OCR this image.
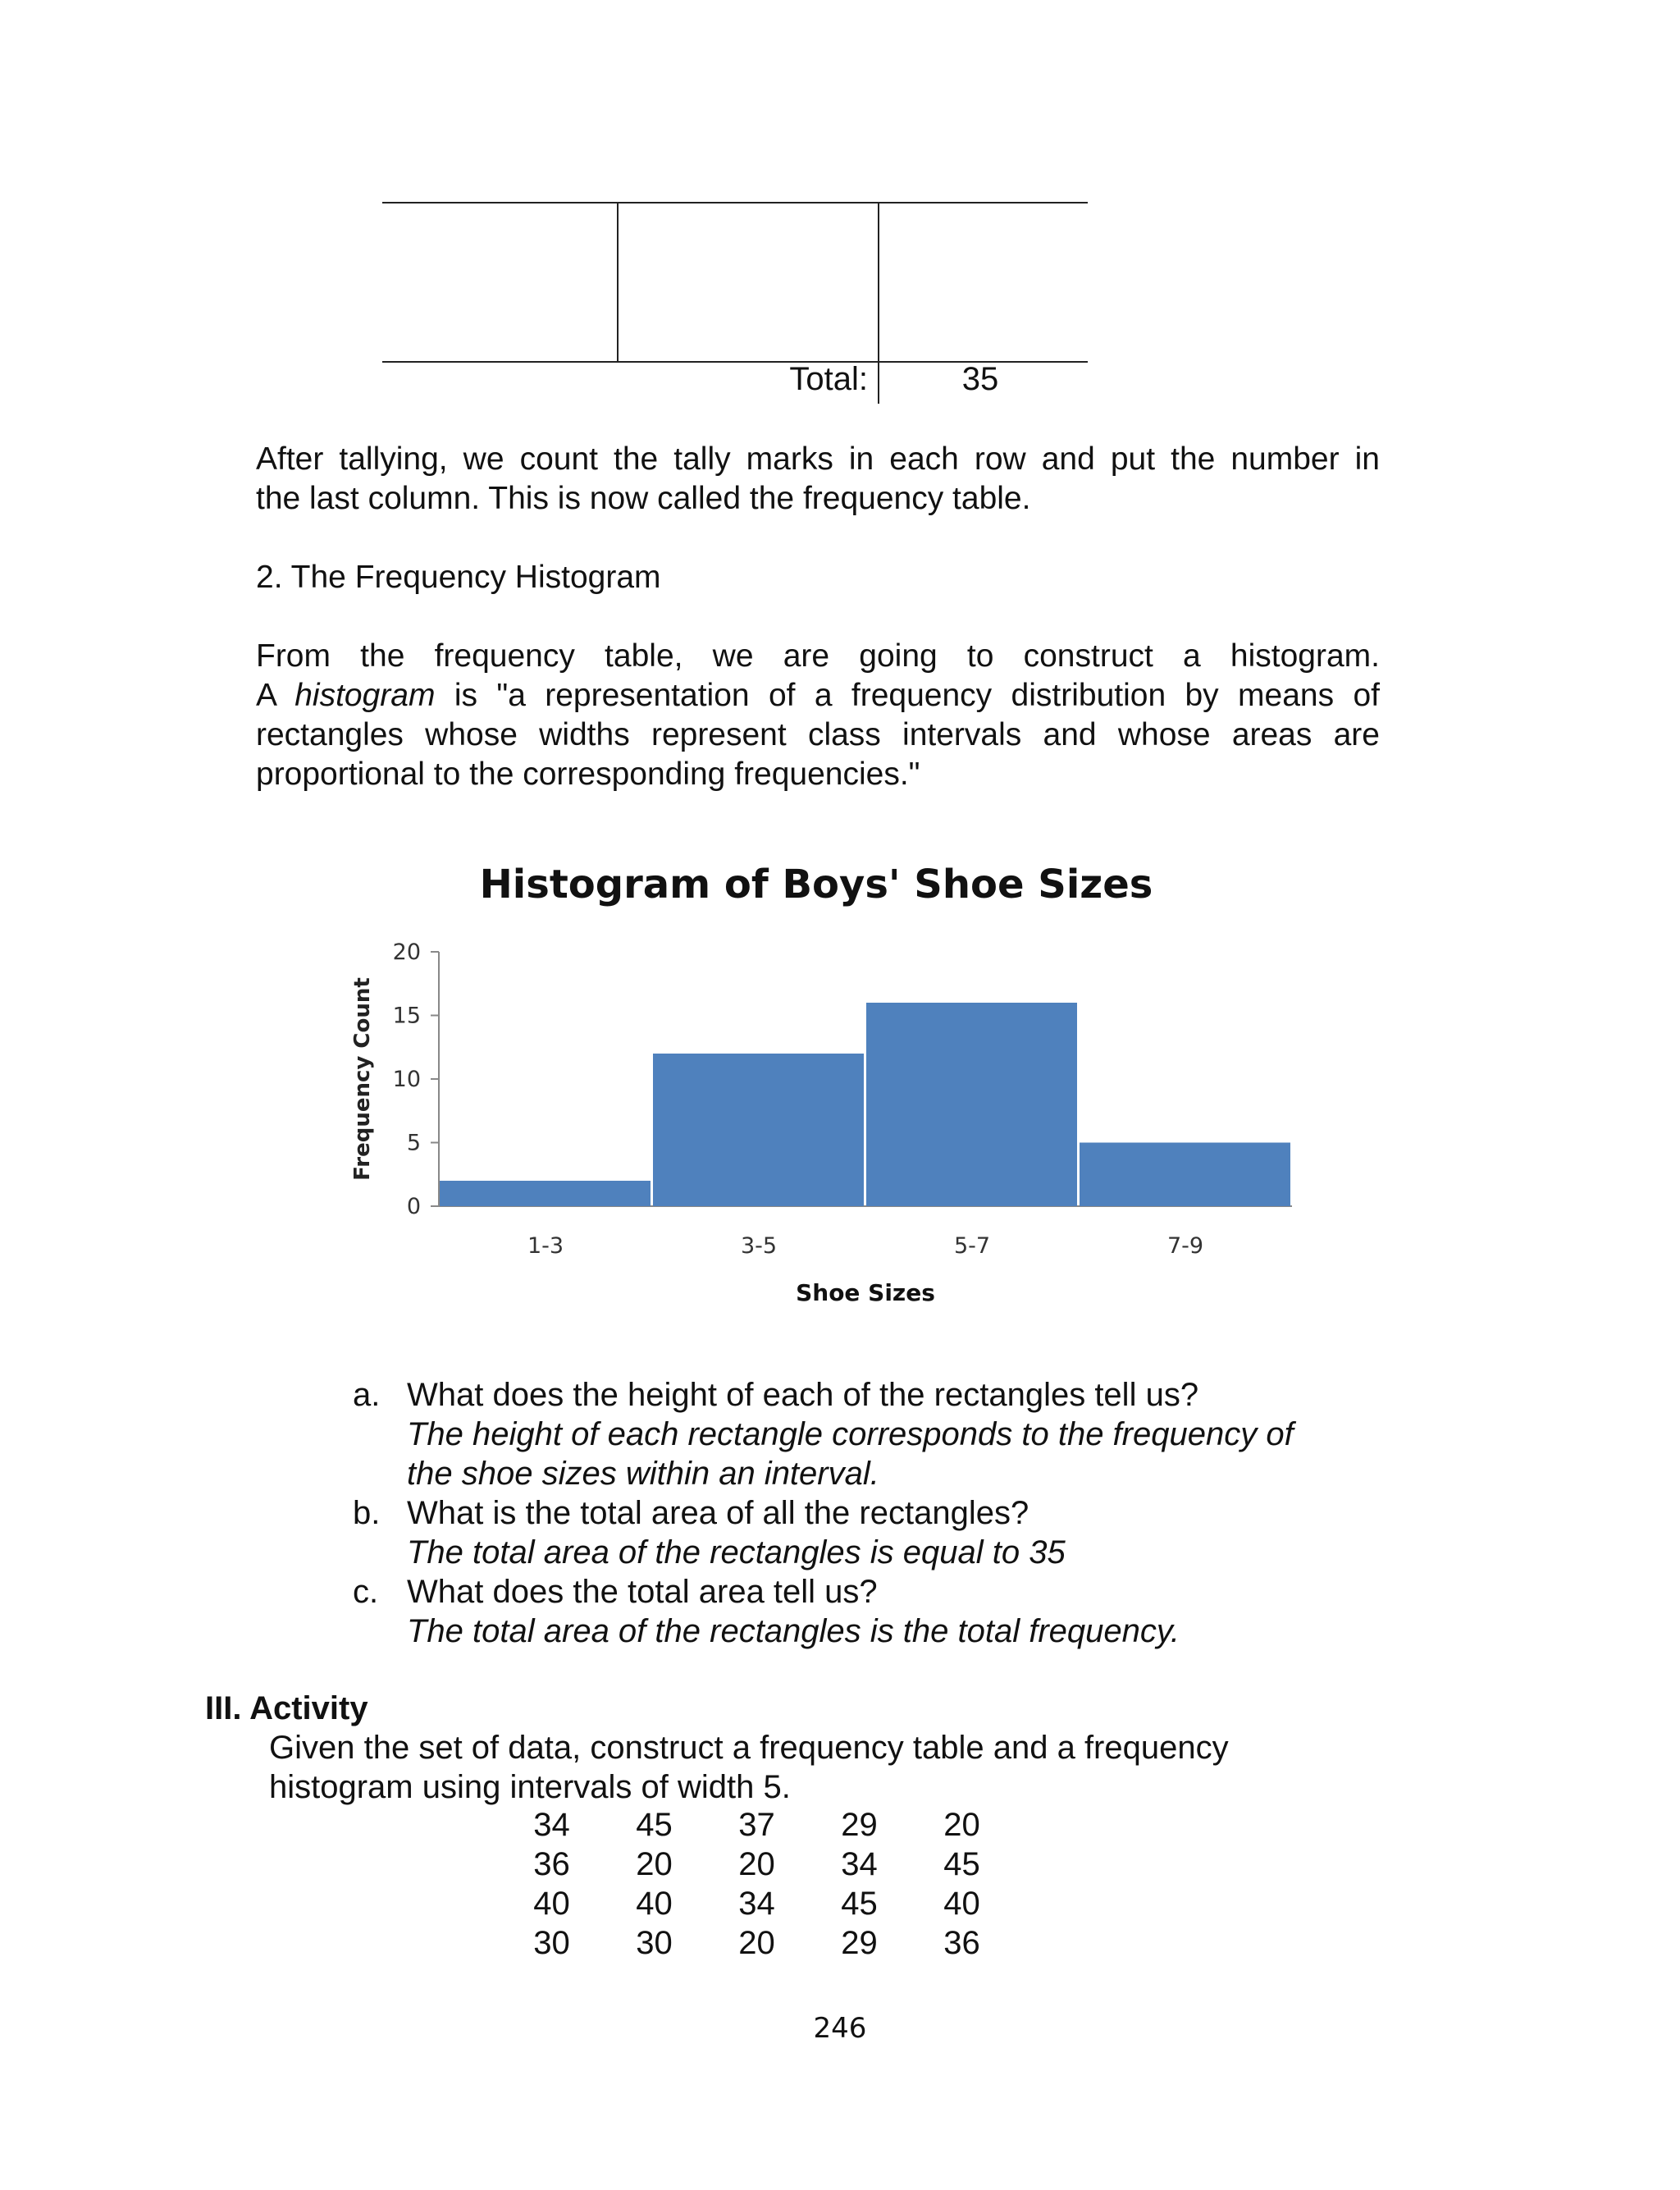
Total:	35
After tallying, we count the tally marks in each row and put the number in
the last column. This is now called the frequency table.
2. The Frequency Histogram
From the frequency table, we are going to construct a histogram.
A histogram is "a representation of a frequency distribution by means of
rectangles whose widths represent class intervals and whose areas are
proportional to the corresponding frequencies."
Histogram of Boys' Shoe Sizes
0
5
10
15
20
1-3	3-5	5-7	7-9
Shoe Sizes
Frequency Count
a. What does the height of each of the rectangles tell us?
The height of each rectangle corresponds to the frequency of
the shoe sizes within an interval.
b. What is the total area of all the rectangles?
The total area of the rectangles is equal to 35
c. What does the total area tell us?
The total area of the rectangles is the total frequency.
III. Activity
Given the set of data, construct a frequency table and a frequency
histogram using intervals of width 5.
34	45	37	29	20
36	20	20	34	45
40	40	34	45	40
30	30	20	29	36
246
